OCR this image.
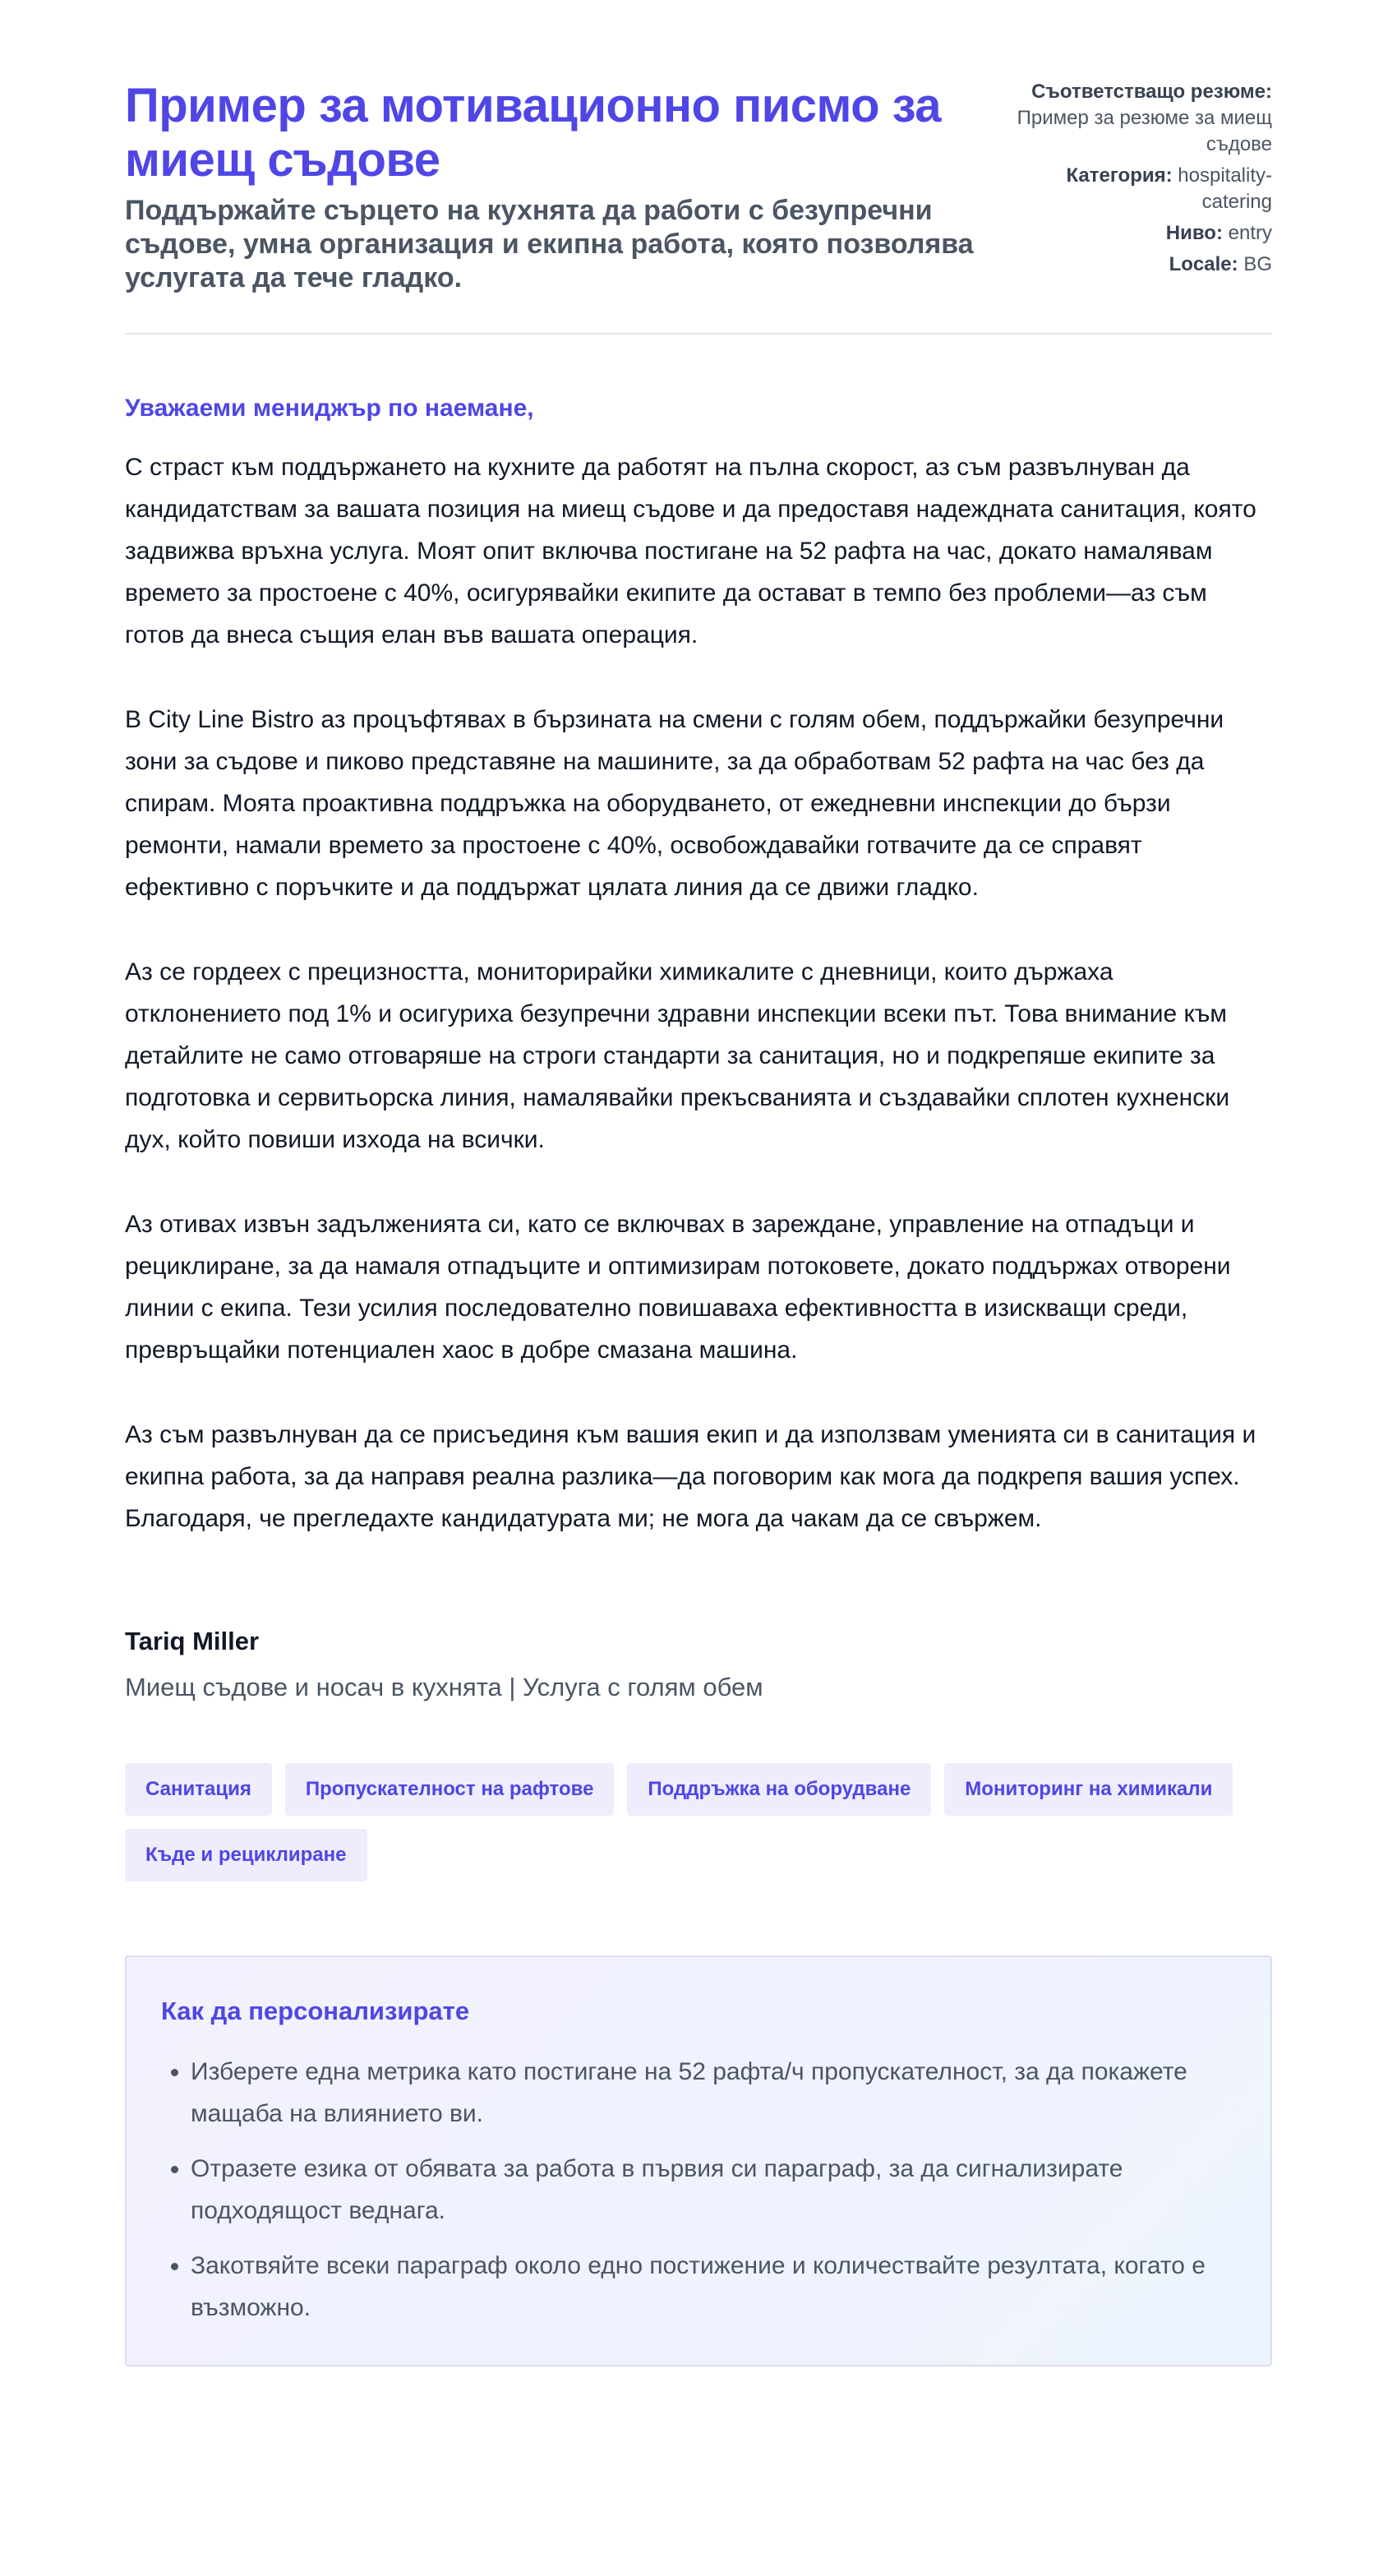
Пример за мотивационно писмо за миещ съдове

Поддържайте сърцето на кухнята да работи с безупречни съдове, умна организация и екипна работа, която позволява услугата да тече гладко.

Съответстващо резюме: Пример за резюме за миещ съдове
Категория: hospitality-catering
Ниво: entry
Locale: BG

Уважаеми мениджър по наемане,

С страст към поддържането на кухните да работят на пълна скорост, аз съм развълнуван да кандидатствам за вашата позиция на миещ съдове и да предоставя надеждната санитация, която задвижва връхна услуга. Моят опит включва постигане на 52 рафта на час, докато намалявам времето за простоене с 40%, осигурявайки екипите да остават в темпо без проблеми—аз съм готов да внеса същия елан във вашата операция.

В City Line Bistro аз процъфтявах в бързината на смени с голям обем, поддържайки безупречни зони за съдове и пиково представяне на машините, за да обработвам 52 рафта на час без да спирам. Моята проактивна поддръжка на оборудването, от ежедневни инспекции до бързи ремонти, намали времето за простоене с 40%, освобождавайки готвачите да се справят ефективно с поръчките и да поддържат цялата линия да се движи гладко.

Аз се гордеех с прецизността, мониторирайки химикалите с дневници, които държаха отклонението под 1% и осигуриха безупречни здравни инспекции всеки път. Това внимание към детайлите не само отговаряше на строги стандарти за санитация, но и подкрепяше екипите за подготовка и сервитьорска линия, намалявайки прекъсванията и създавайки сплотен кухненски дух, който повиши изхода на всички.

Аз отивах извън задълженията си, като се включвах в зареждане, управление на отпадъци и рециклиране, за да намаля отпадъците и оптимизирам потоковете, докато поддържах отворени линии с екипа. Тези усилия последователно повишаваха ефективността в изискващи среди, превръщайки потенциален хаос в добре смазана машина.

Аз съм развълнуван да се присъединя към вашия екип и да използвам уменията си в санитация и екипна работа, за да направя реална разлика—да поговорим как мога да подкрепя вашия успех. Благодаря, че прегледахте кандидатурата ми; не мога да чакам да се свържем.

Tariq Miller
Миещ съдове и носач в кухнята | Услуга с голям обем
Санитация	Пропускателност на рафтове	Поддръжка на оборудване	Мониторинг на химикали
Къде и рециклиране
Как да персонализирате
• Изберете една метрика като постигане на 52 рафта/ч пропускателност, за да покажете мащаба на влиянието ви.
• Отразете езика от обявата за работа в първия си параграф, за да сигнализирате подходящост веднага.
• Закотвяйте всеки параграф около едно постижение и количествайте резултата, когато е възможно.
